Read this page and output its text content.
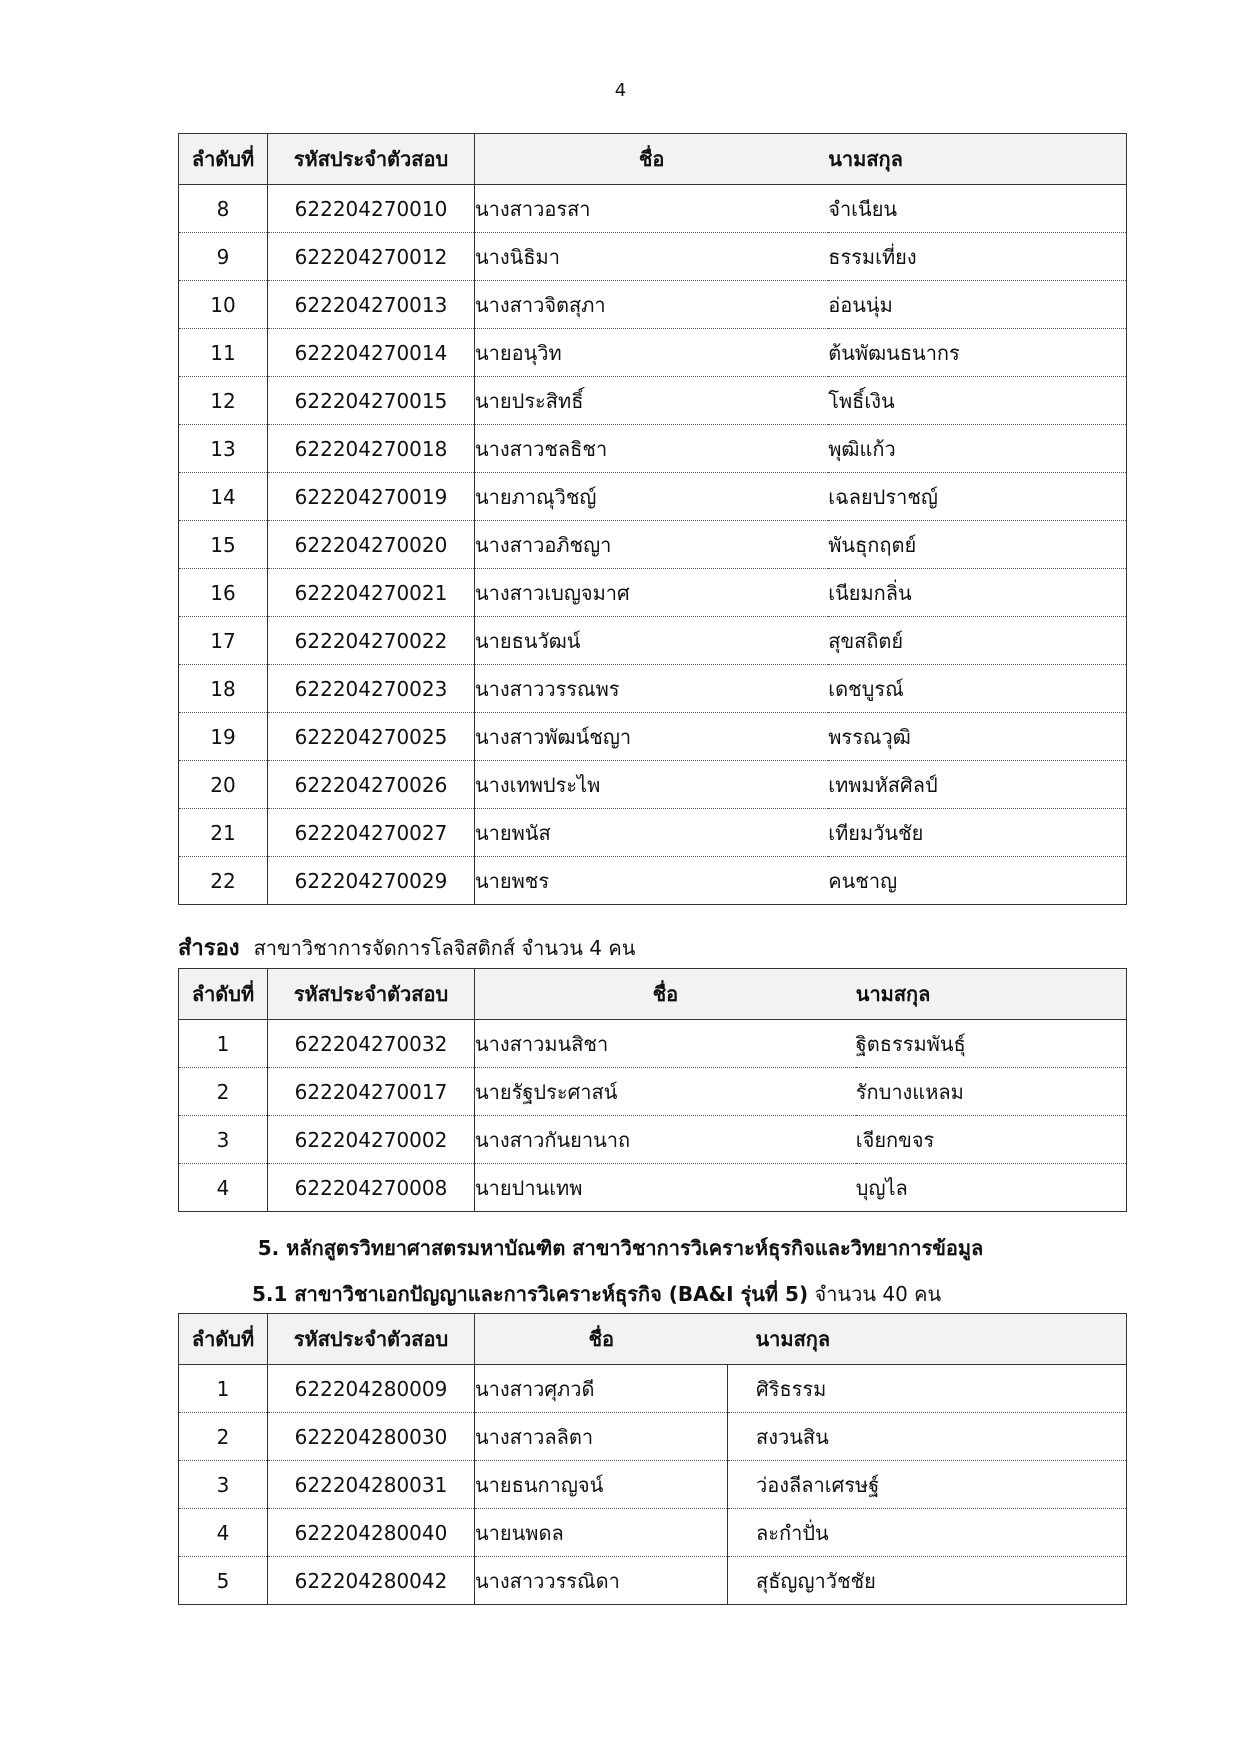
4
ลำดับที่	รหัสประจำตัวสอบ	ชื่อ	นามสกุล
8	622204270010	นางสาวอรสา	จำเนียน
9	622204270012	นางนิธิมา	ธรรมเที่ยง
10	622204270013	นางสาวจิตสุภา	อ่อนนุ่ม
11	622204270014	นายอนุวิท	ต้นพัฒนธนากร
12	622204270015	นายประสิทธิ์	โพธิ์เงิน
13	622204270018	นางสาวชลธิชา	พุฒิแก้ว
14	622204270019	นายภาณุวิชญ์	เฉลยปราชญ์
15	622204270020	นางสาวอภิชญา	พันธุกฤตย์
16	622204270021	นางสาวเบญจมาศ	เนียมกลิ่น
17	622204270022	นายธนวัฒน์	สุขสถิตย์
18	622204270023	นางสาววรรณพร	เดชบูรณ์
19	622204270025	นางสาวพัฒน์ชญา	พรรณวุฒิ
20	622204270026	นางเทพประไพ	เทพมหัสศิลป์
21	622204270027	นายพนัส	เทียมวันชัย
22	622204270029	นายพชร	คนชาญ
สำรอง สาขาวิชาการจัดการโลจิสติกส์ จำนวน 4 คน
ลำดับที่	รหัสประจำตัวสอบ	ชื่อ	นามสกุล
1	622204270032	นางสาวมนสิชา	ฐิตธรรมพันธุ์
2	622204270017	นายรัฐประศาสน์	รักบางแหลม
3	622204270002	นางสาวกันยานาถ	เจียกขจร
4	622204270008	นายปานเทพ	บุญไล
5. หลักสูตรวิทยาศาสตรมหาบัณฑิต สาขาวิชาการวิเคราะห์ธุรกิจและวิทยาการข้อมูล
5.1 สาขาวิชาเอกปัญญาและการวิเคราะห์ธุรกิจ (BA&I รุ่นที่ 5) จำนวน 40 คน
ลำดับที่	รหัสประจำตัวสอบ	ชื่อ	นามสกุล
1	622204280009	นางสาวศุภวดี	ศิริธรรม
2	622204280030	นางสาวลลิตา	สงวนสิน
3	622204280031	นายธนกาญจน์	ว่องลีลาเศรษฐ์
4	622204280040	นายนพดล	ละกำปั่น
5	622204280042	นางสาววรรณิดา	สุธัญญาวัชชัย
